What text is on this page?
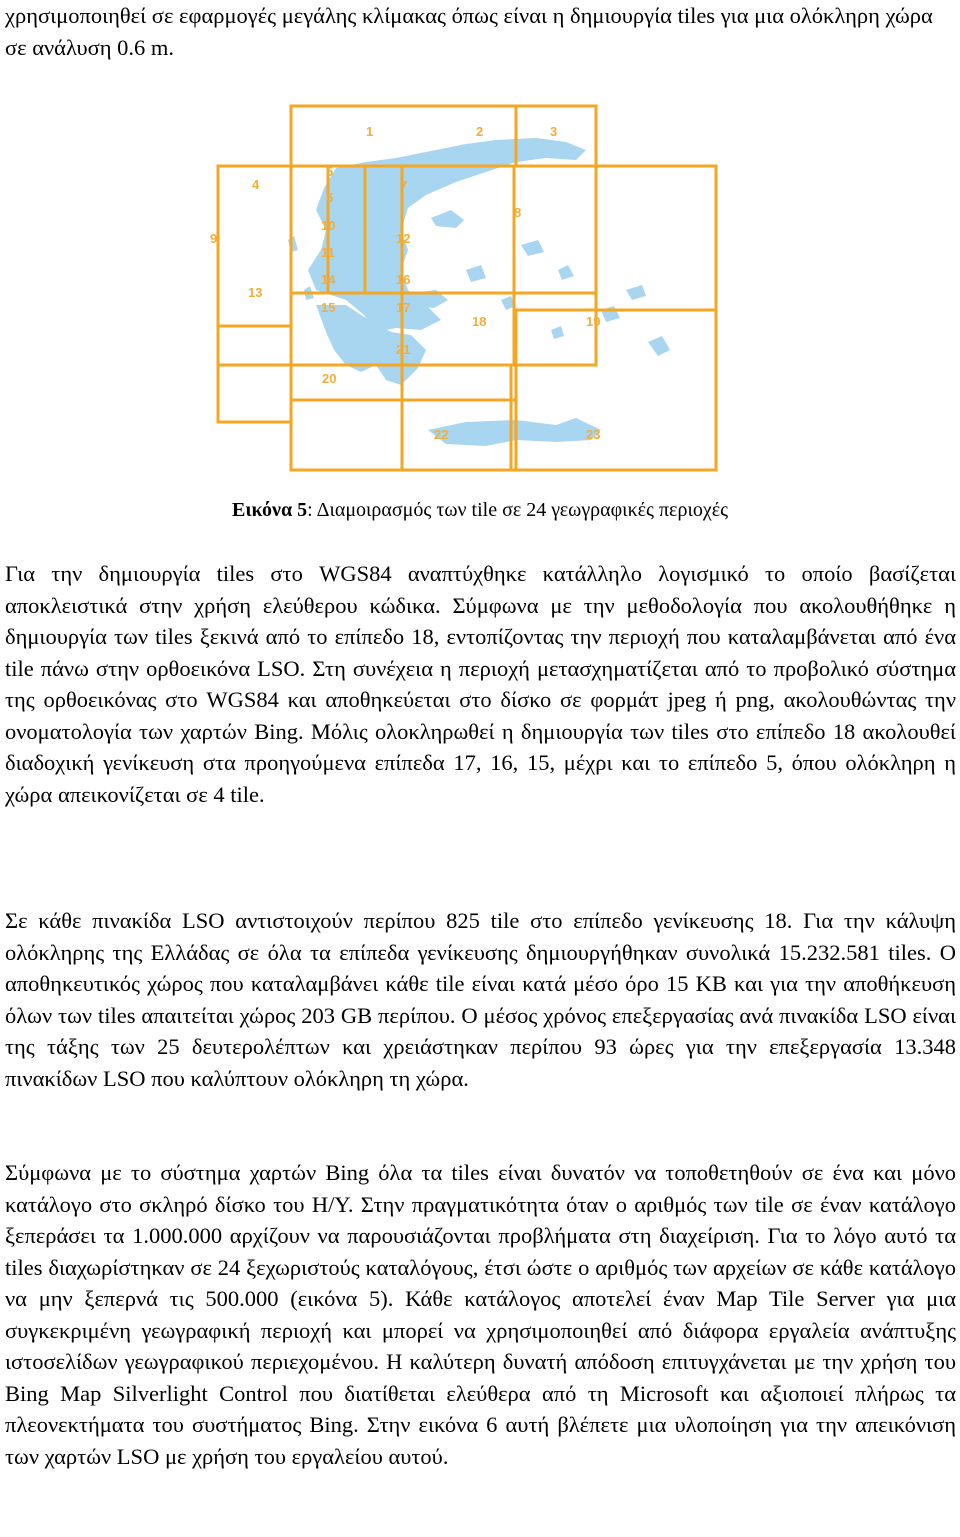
χρησιμοποιηθεί σε εφαρμογές μεγάλης κλίμακας όπως είναι η δημιουργία tiles για μια ολόκληρη χώρα σε ανάλυση 0.6 m.

1	2	3
4
5
6
7
8
9
10
11
12
13
14
15
16
17
18	19
20
21
22	23
Εικόνα 5: Διαμοιρασμός των tile σε 24 γεωγραφικές περιοχές

Για την δημιουργία tiles στο WGS84 αναπτύχθηκε κατάλληλο λογισμικό το οποίο βασίζεται αποκλειστικά στην χρήση ελεύθερου κώδικα. Σύμφωνα με την μεθοδολογία που ακολουθήθηκε η δημιουργία των tiles ξεκινά από το επίπεδο 18, εντοπίζοντας την περιοχή που καταλαμβάνεται από ένα tile πάνω στην ορθοεικόνα LSO. Στη συνέχεια η περιοχή μετασχηματίζεται από το προβολικό σύστημα της ορθοεικόνας στο WGS84 και αποθηκεύεται στο δίσκο σε φορμάτ jpeg ή png, ακολουθώντας την ονοματολογία των χαρτών Bing. Μόλις ολοκληρωθεί η δημιουργία των tiles στο επίπεδο 18 ακολουθεί διαδοχική γενίκευση στα προηγούμενα επίπεδα 17, 16, 15, μέχρι και το επίπεδο 5, όπου ολόκληρη η χώρα απεικονίζεται σε 4 tile.

Σε κάθε πινακίδα LSO αντιστοιχούν περίπου 825 tile στο επίπεδο γενίκευσης 18. Για την κάλυψη ολόκληρης της Ελλάδας σε όλα τα επίπεδα γενίκευσης δημιουργήθηκαν συνολικά 15.232.581 tiles. Ο αποθηκευτικός χώρος που καταλαμβάνει κάθε tile είναι κατά μέσο όρο 15 KB και για την αποθήκευση όλων των tiles απαιτείται χώρος 203 GB περίπου. Ο μέσος χρόνος επεξεργασίας ανά πινακίδα LSO είναι της τάξης των 25 δευτερολέπτων και χρειάστηκαν περίπου 93 ώρες για την επεξεργασία 13.348 πινακίδων LSO που καλύπτουν ολόκληρη τη χώρα.

Σύμφωνα με το σύστημα χαρτών Bing όλα τα tiles είναι δυνατόν να τοποθετηθούν σε ένα και μόνο κατάλογο στο σκληρό δίσκο του Η/Υ. Στην πραγματικότητα όταν ο αριθμός των tile σε έναν κατάλογο ξεπεράσει τα 1.000.000 αρχίζουν να παρουσιάζονται προβλήματα στη διαχείριση. Για το λόγο αυτό τα tiles διαχωρίστηκαν σε 24 ξεχωριστούς καταλόγους, έτσι ώστε ο αριθμός των αρχείων σε κάθε κατάλογο να μην ξεπερνά τις 500.000 (εικόνα 5). Κάθε κατάλογος αποτελεί έναν Map Tile Server για μια συγκεκριμένη γεωγραφική περιοχή και μπορεί να χρησιμοποιηθεί από διάφορα εργαλεία ανάπτυξης ιστοσελίδων γεωγραφικού περιεχομένου. Η καλύτερη δυνατή απόδοση επιτυγχάνεται με την χρήση του Bing Map Silverlight Control που διατίθεται ελεύθερα από τη Microsoft και αξιοποιεί πλήρως τα πλεονεκτήματα του συστήματος Bing. Στην εικόνα 6 αυτή βλέπετε μια υλοποίηση για την απεικόνιση των χαρτών LSO με χρήση του εργαλείου αυτού.
